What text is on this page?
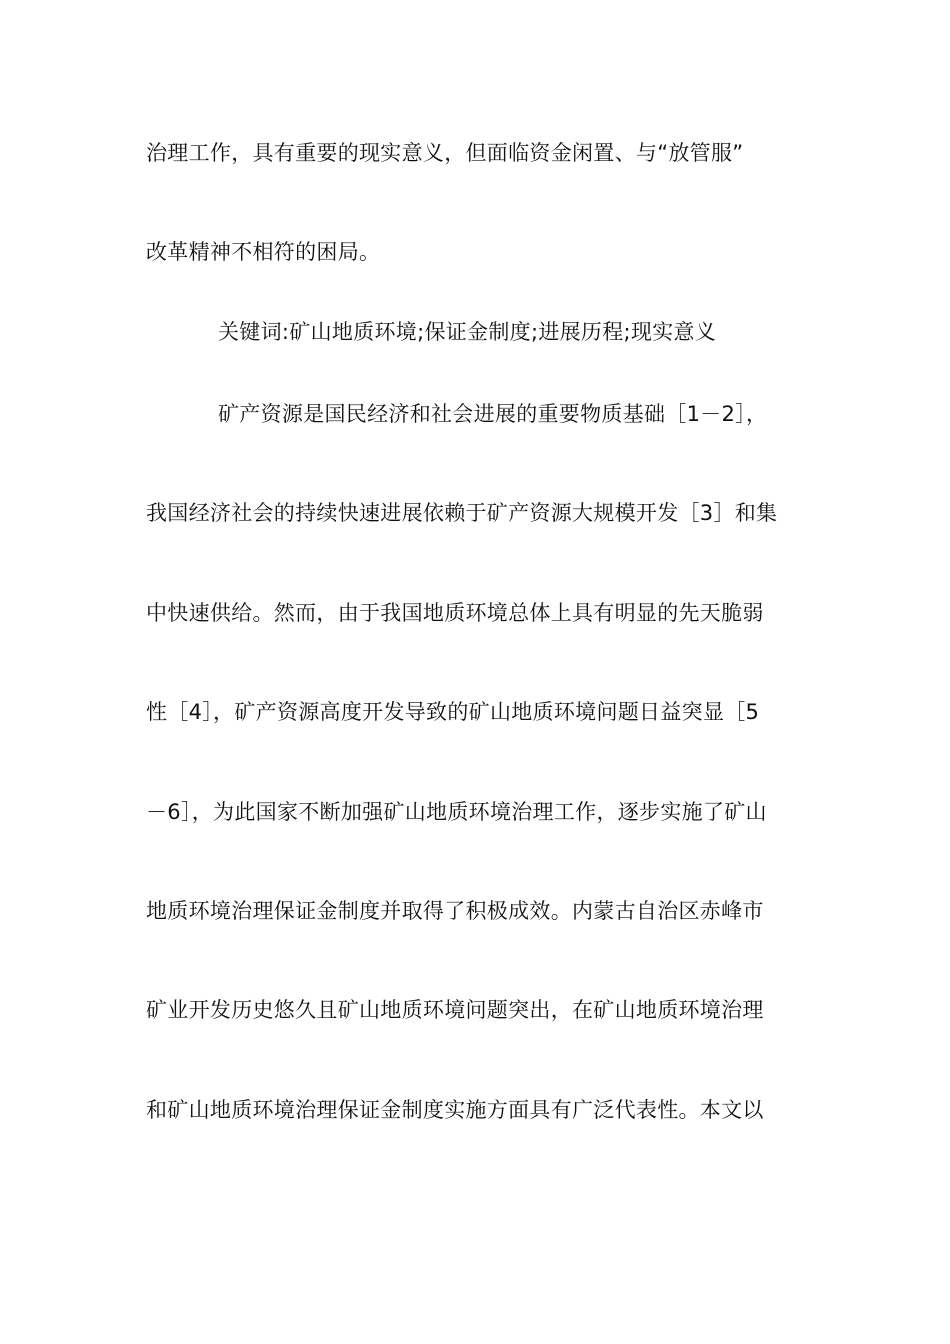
治理工作，具有重要的现实意义，但面临资金闲置、与“放管服”
改革精神不相符的困局。
关键词:矿山地质环境;保证金制度;进展历程;现实意义
矿产资源是国民经济和社会进展的重要物质基础［1－2］，
我国经济社会的持续快速进展依赖于矿产资源大规模开发［3］和集
中快速供给。然而，由于我国地质环境总体上具有明显的先天脆弱
性［4］，矿产资源高度开发导致的矿山地质环境问题日益突显［5
－6］，为此国家不断加强矿山地质环境治理工作，逐步实施了矿山
地质环境治理保证金制度并取得了积极成效。内蒙古自治区赤峰市
矿业开发历史悠久且矿山地质环境问题突出，在矿山地质环境治理
和矿山地质环境治理保证金制度实施方面具有广泛代表性。本文以
